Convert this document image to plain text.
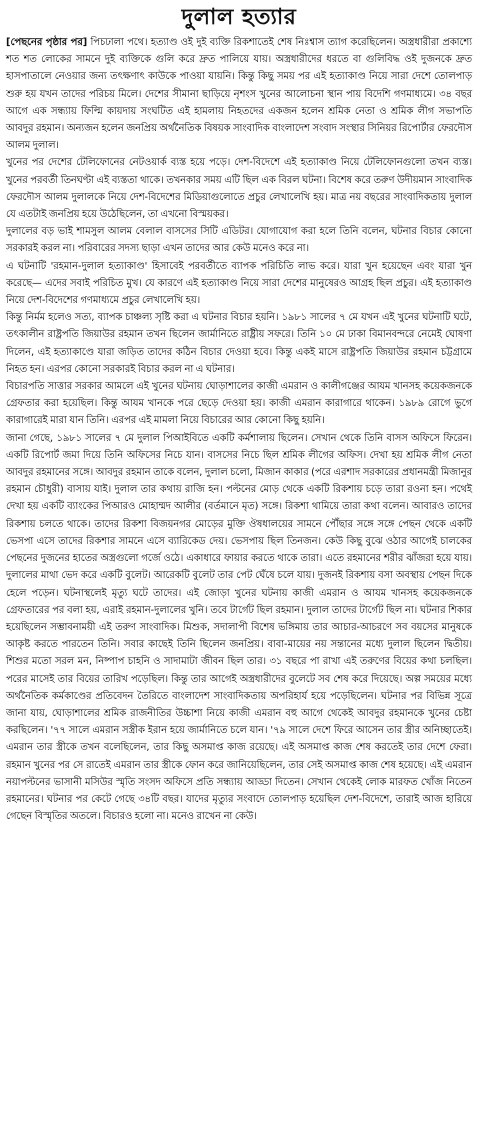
দুলাল হত্যার

[পেছনের পৃষ্ঠার পর] পিচঢালা পথে। হত্যাণ্ড ওই দুই ব্যক্তি রিকশাতেই শেষ নিঃশ্বাস ত্যাগ করেছিলেন। অস্ত্রধারীরা প্রকাশ্যে শত শত লোকের সামনে দুই ব্যক্তিকে গুলি করে দ্রুত পালিয়ে যায়। অস্ত্রধারীদের ধরতে বা গুলিবিদ্ধ ওই দুজনকে দ্রুত হাসপাতালে নেওয়ার জন্য তৎক্ষণাৎ কাউকে পাওয়া যায়নি। কিন্তু কিছু সময় পর এই হত্যাকাণ্ড নিয়ে সারা দেশে তোলপাড় শুরু হয় যখন তাদের পরিচয় মিলে। দেশের সীমানা ছাড়িয়ে নৃশংস খুনের আলোচনা স্থান পায় বিদেশি গণমাধ্যমে। ৩৪ বছর আগে এক সন্ধ্যায় ফিল্মি কায়দায় সংঘটিত এই হামলায় নিহতদের একজন হলেন শ্রমিক নেতা ও শ্রমিক লীগ সভাপতি আবদুর রহমান। অন্যজন হলেন জনপ্রিয় অর্থনৈতিক বিষয়ক সাংবাদিক বাংলাদেশ সংবাদ সংস্থার সিনিয়র রিপোর্টার ফেরদৌস আলম দুলাল।

খুনের পর দেশের টেলিফোনের নেটওয়ার্ক ব্যস্ত হয়ে পড়ে। দেশ-বিদেশে এই হত্যাকাণ্ড নিয়ে টেলিফোনগুলো তখন ব্যস্ত। খুনের পরবর্তী তিনঘণ্টা এই ব্যস্ততা থাকে। তখনকার সময় এটি ছিল এক বিরল ঘটনা। বিশেষ করে তরুণ উদীয়মান সাংবাদিক ফেরদৌস আলম দুলালকে নিয়ে দেশ-বিদেশের মিডিয়াগুলোতে প্রচুর লেখালেখি হয়। মাত্র নয় বছরের সাংবাদিকতায় দুলাল যে এতটাই জনপ্রিয় হয়ে উঠেছিলেন, তা এখনো বিস্ময়কর।

দুলালের বড় ভাই শামসুল আলম বেলাল বাসসের সিটি এডিটর। যোগাযোগ করা হলে তিনি বলেন, ঘটনার বিচার কোনো সরকারই করল না। পরিবারের সদস্য ছাড়া এখন তাদের আর কেউ মনেও করে না।

এ ঘটনাটি 'রহমান-দুলাল হত্যাকাণ্ড' হিসাবেই পরবর্তীতে ব্যাপক পরিচিতি লাভ করে। যারা খুন হয়েছেন এবং যারা খুন করেছে— এদের সবাই পরিচিত মুখ। যে কারণে এই হত্যাকাণ্ড নিয়ে সারা দেশের মানুষেরও আগ্রহ ছিল প্রচুর। এই হত্যাকাণ্ড নিয়ে দেশ-বিদেশের গণমাধ্যমে প্রচুর লেখালেখি হয়।

কিন্তু নির্মম হলেও সত্য, ব্যাপক চাঞ্চল্য সৃষ্টি করা এ ঘটনার বিচার হয়নি। ১৯৮১ সালের ৭ মে যখন এই খুনের ঘটনাটি ঘটে, তৎকালীন রাষ্ট্রপতি জিয়াউর রহমান তখন ছিলেন জার্মানিতে রাষ্ট্রীয় সফরে। তিনি ১০ মে ঢাকা বিমানবন্দরে নেমেই ঘোষণা দিলেন, এই হত্যাকাণ্ডে যারা জড়িত তাদের কঠিন বিচার দেওয়া হবে। কিন্তু একই মাসে রাষ্ট্রপতি জিয়াউর রহমান চট্টগ্রামে নিহত হন। এরপর কোনো সরকারই বিচার করল না এ ঘটনার।

বিচারপতি সাত্তার সরকার আমলে এই খুনের ঘটনায় ঘোড়াশালের কাজী এমরান ও কালীগঞ্জের আযম খানসহ কয়েকজনকে গ্রেফতার করা হয়েছিল। কিন্তু আযম খানকে পরে ছেড়ে দেওয়া হয়। কাজী এমরান কারাগারে থাকেন। ১৯৮৯ রোগে ভুগে কারাগারেই মারা যান তিনি। এরপর এই মামলা নিয়ে বিচারের আর কোনো কিছু হয়নি।

জানা গেছে, ১৯৮১ সালের ৭ মে দুলাল পিআইবিতে একটি কর্মশালায় ছিলেন। সেখান থেকে তিনি বাসস অফিসে ফিরেন। একটি রিপোর্ট জমা দিয়ে তিনি অফিসের নিচে যান। বাসসের নিচে ছিল শ্রমিক লীগের অফিস। দেখা হয় শ্রমিক লীগ নেতা আবদুর রহমানের সঙ্গে। আবদুর রহমান তাকে বলেন, দুলাল চলো, মিজান কাকার (পরে এরশাদ সরকারের প্রধানমন্ত্রী মিজানুর রহমান চৌধুরী) বাসায় যাই। দুলাল তার কথায় রাজি হন। পল্টনের মোড় থেকে একটি রিকশায় চড়ে তারা রওনা হন। পথেই দেখা হয় একটি ব্যাংকের পিআরও মোহাম্মদ আলীর (বর্তমানে মৃত) সঙ্গে। রিকশা থামিয়ে তারা কথা বলেন। আবারও তাদের রিকশায় চলতে থাকে। তাদের রিকশা বিজয়নগর মোড়ের মুক্তি ঔষধালয়ের সামনে পৌঁছার সঙ্গে সঙ্গে পেছন থেকে একটি ভেসপা এসে তাদের রিকশার সামনে এসে ব্যারিকেড দেয়। ভেসপায় ছিল তিনজন। কেউ কিছু বুঝে ওঠার আগেই চালকের পেছনের দুজনের হাতের অস্ত্রগুলো গর্জে ওঠে। একাধারে ফায়ার করতে থাকে তারা। এতে রহমানের শরীর ঝাঁজরা হয়ে যায়। দুলালের মাথা ভেদ করে একটি বুলেট। আরেকটি বুলেট তার পেট ঘেঁষে চলে যায়। দুজনই রিকশায় বসা অবস্থায় পেছন দিকে হেলে পড়েন। ঘটনাস্থলেই মৃত্যু ঘটে তাদের। এই জোড়া খুনের ঘটনায় কাজী এমরান ও আযম খানসহ কয়েকজনকে গ্রেফতারের পর বলা হয়, এরাই রহমান-দুলালের খুনি। তবে টার্গেট ছিল রহমান। দুলাল তাদের টার্গেট ছিল না। ঘটনার শিকার হয়েছিলেন সম্ভাবনাময়ী এই তরুণ সাংবাদিক। মিশুক, সদালাপী বিশেষ ভঙ্গিমায় তার আচার-আচরণে সব বয়সের মানুষকে আকৃষ্ট করতে পারতেন তিনি। সবার কাছেই তিনি ছিলেন জনপ্রিয়। বাবা-মায়ের নয় সন্তানের মধ্যে দুলাল ছিলেন দ্বিতীয়। শিশুর মতো সরল মন, নিষ্পাপ চাহনি ও সাদামাটা জীবন ছিল তার। ৩১ বছরে পা রাখা এই তরুণের বিয়ের কথা চলছিল। পরের মাসেই তার বিয়ের তারিখ পড়েছিল। কিন্তু তার আগেই অস্ত্রধারীদের বুলেটে সব শেষ করে দিয়েছে। অল্প সময়ের মধ্যে অর্থনৈতিক কর্মকাণ্ডের প্রতিবেদন তৈরিতে বাংলাদেশ সাংবাদিকতায় অপরিহার্য হয়ে পড়েছিলেন। ঘটনার পর বিভিন্ন সূত্রে জানা যায়, ঘোড়াশালের শ্রমিক রাজনীতির উচ্চাশা নিয়ে কাজী এমরান বহু আগে থেকেই আবদুর রহমানকে খুনের চেষ্টা করছিলেন। '৭৭ সালে এমরান সস্ত্রীক ইরান হয়ে জার্মানিতে চলে যান। '৭৯ সালে দেশে ফিরে আসেন তার স্ত্রীর অনিচ্ছাতেই। এমরান তার স্ত্রীকে তখন বলেছিলেন, তার কিছু অসমাপ্ত কাজ রয়েছে। এই অসমাপ্ত কাজ শেষ করতেই তার দেশে ফেরা। রহমান খুনের পর সে রাতেই এমরান তার স্ত্রীকে ফোন করে জানিয়েছিলেন, তার সেই অসমাপ্ত কাজ শেষ হয়েছে। এই এমরান নয়াপল্টনের ভাসানী মসিউর স্মৃতি সংসদ অফিসে প্রতি সন্ধ্যায় আড্ডা দিতেন। সেখান থেকেই লোক মারফত খোঁজ নিতেন রহমানের। ঘটনার পর কেটে গেছে ৩৪টি বছর। যাদের মৃত্যুর সংবাদে তোলপাড় হয়েছিল দেশ-বিদেশে, তারাই আজ হারিয়ে গেছেন বিস্মৃতির অতলে। বিচারও হলো না। মনেও রাখেন না কেউ।
